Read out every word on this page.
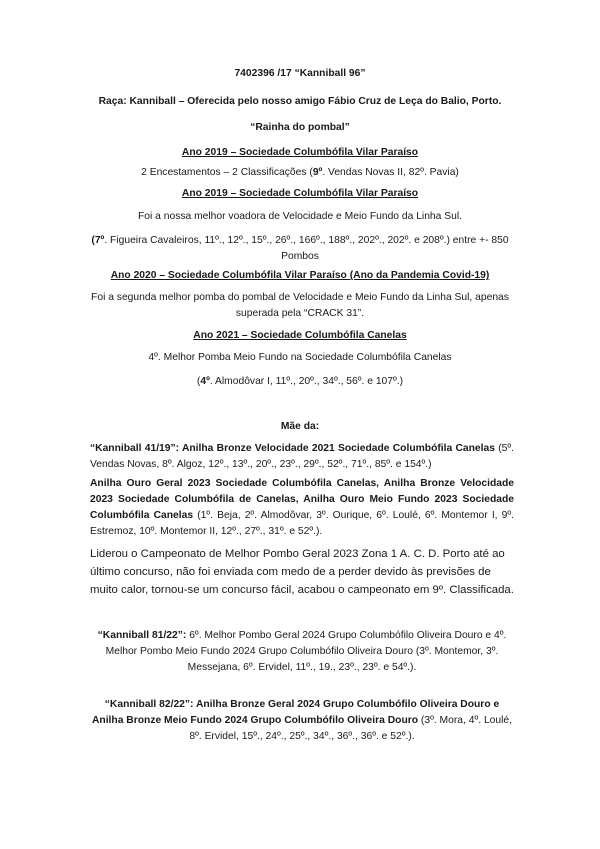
7402396 /17 “Kanniball 96”
Raça: Kanniball – Oferecida pelo nosso amigo Fábio Cruz de Leça do Balio, Porto.
“Rainha do pombal”
Ano 2019 – Sociedade Columbófila Vilar Paraíso
2 Encestamentos – 2 Classificações (9º. Vendas Novas II, 82º. Pavia)
Ano 2019 – Sociedade Columbófila Vilar Paraíso
Foi a nossa melhor voadora de Velocidade e Meio Fundo da Linha Sul.
(7º. Figueira Cavaleiros, 11º., 12º., 15º., 26º., 166º., 188º., 202º., 202º. e 208º.) entre +- 850
Pombos
Ano 2020 – Sociedade Columbófila Vilar Paraíso (Ano da Pandemia Covid-19)
Foi a segunda melhor pomba do pombal de Velocidade e Meio Fundo da Linha Sul, apenas
superada pela “CRACK 31”.
Ano 2021 – Sociedade Columbófila Canelas
4º. Melhor Pomba Meio Fundo na Sociedade Columbófila Canelas
(4º. Almodôvar I, 11º., 20º., 34º., 56º. e 107º.)
Mãe da:

“Kanniball 41/19”: Anilha Bronze Velocidade 2021 Sociedade Columbófila Canelas (5º. Vendas Novas, 8º. Algoz, 12º., 13º., 20º., 23º., 29º., 52º., 71º., 85º. e 154º.)

Anilha Ouro Geral 2023 Sociedade Columbófila Canelas, Anilha Bronze Velocidade 2023 Sociedade Columbófila de Canelas, Anilha Ouro Meio Fundo 2023 Sociedade Columbófila Canelas (1º. Beja, 2º. Almodôvar, 3º. Ourique, 6º. Loulé, 6º. Montemor I, 9º. Estremoz, 10º. Montemor II, 12º., 27º., 31º. e 52º.).

Liderou o Campeonato de Melhor Pombo Geral 2023 Zona 1 A. C. D. Porto até ao último concurso, não foi enviada com medo de a perder devido às previsões de muito calor, tornou-se um concurso fácil, acabou o campeonato em 9º. Classificada.

“Kanniball 81/22”: 6º. Melhor Pombo Geral 2024 Grupo Columbófilo Oliveira Douro e 4º. Melhor Pombo Meio Fundo 2024 Grupo Columbófilo Oliveira Douro (3º. Montemor, 3º. Messejana, 6º. Ervidel, 11º., 19., 23º., 23º. e 54º.).

“Kanniball 82/22”: Anilha Bronze Geral 2024 Grupo Columbófilo Oliveira Douro e Anilha Bronze Meio Fundo 2024 Grupo Columbófilo Oliveira Douro (3º. Mora, 4º. Loulé, 8º. Ervidel, 15º., 24º., 25º., 34º., 36º., 36º. e 52º.).
